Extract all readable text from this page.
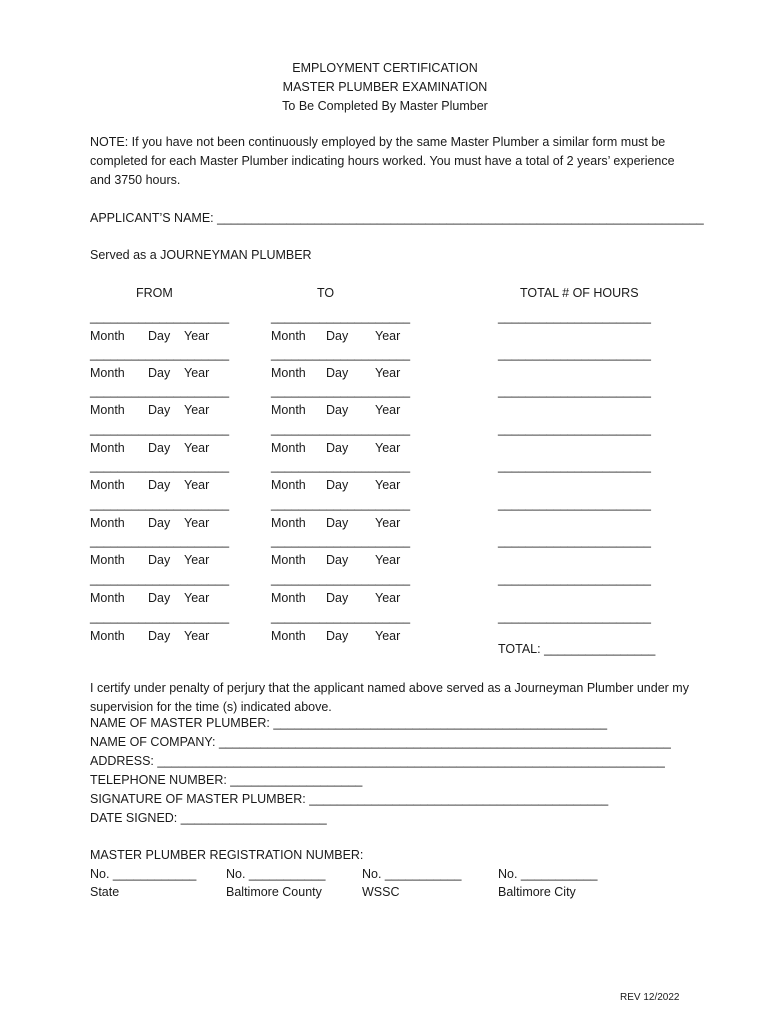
EMPLOYMENT CERTIFICATION
MASTER PLUMBER EXAMINATION
To Be Completed By Master Plumber
NOTE: If you have not been continuously employed by the same Master Plumber a similar form must be completed for each Master Plumber indicating hours worked. You must have a total of 2 years’ experience and 3750 hours.
APPLICANT’S NAME: ______________________________________________________________________
Served as a JOURNEYMAN PLUMBER
FROM	TO	TOTAL # OF HOURS
____________________	____________________	______________________
Month Day Year	Month Day Year
____________________	____________________	______________________
Month Day Year	Month Day Year
____________________	____________________	______________________
Month Day Year	Month Day Year
____________________	____________________	______________________
Month Day Year	Month Day Year
____________________	____________________	______________________
Month Day Year	Month Day Year
____________________	____________________	______________________
Month Day Year	Month Day Year
____________________	____________________	______________________
Month Day Year	Month Day Year
____________________	____________________	______________________
Month Day Year	Month Day Year
____________________	____________________	______________________
Month Day Year	Month Day Year
TOTAL: ________________
I certify under penalty of perjury that the applicant named above served as a Journeyman Plumber under my supervision for the time (s) indicated above.
NAME OF MASTER PLUMBER: ________________________________________________
NAME OF COMPANY: _________________________________________________________________
ADDRESS: _________________________________________________________________________
TELEPHONE NUMBER: ___________________
SIGNATURE OF MASTER PLUMBER: ___________________________________________
DATE SIGNED: _____________________
MASTER PLUMBER REGISTRATION NUMBER:
No. ____________ No. ___________	No. ___________	No. ___________
State	Baltimore County	WSSC	Baltimore City
REV 12/2022
